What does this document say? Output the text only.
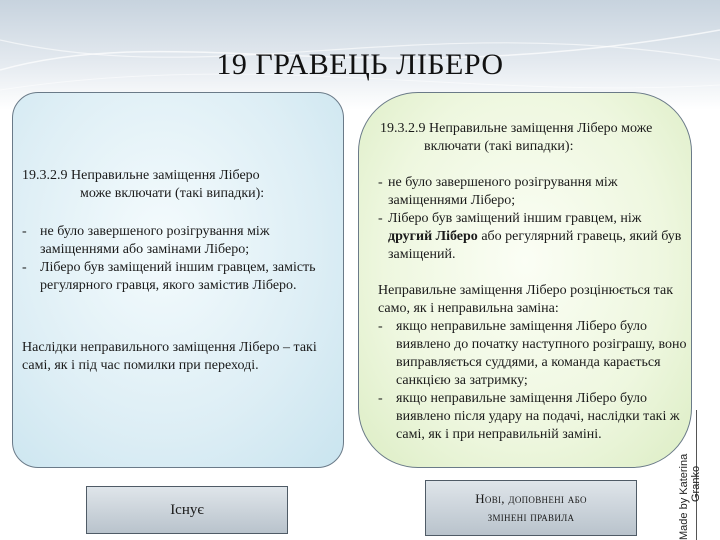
19 ГРАВЕЦЬ ЛІБЕРО
19.3.2.9 Неправильне заміщення Ліберо
може включати (такі випадки):
- не було завершеного розігрування між заміщеннями або замінами Ліберо;
- Ліберо був заміщений іншим гравцем, замість регулярного гравця, якого замістив Ліберо.
Наслідки неправильного заміщення Ліберо – такі самі, як і під час помилки при переході.
19.3.2.9 Неправильне заміщення Ліберо може
включати (такі випадки):
- не було завершеного розігрування між заміщеннями Ліберо;
- Ліберо був заміщений іншим гравцем, ніж другий Ліберо або регулярний гравець, який був заміщений.
Неправильне заміщення Ліберо розцінюється так само, як і неправильна заміна:
- якщо неправильне заміщення Ліберо було виявлено до початку наступного розіграшу, воно виправляється суддями, а команда карається санкцією за затримку;
- якщо неправильне заміщення Ліберо було виявлено після удару на подачі, наслідки такі ж самі, як і при неправильній заміні.
Існує
Нові, доповнені або
змінені правила	Made by Katerina Granko
